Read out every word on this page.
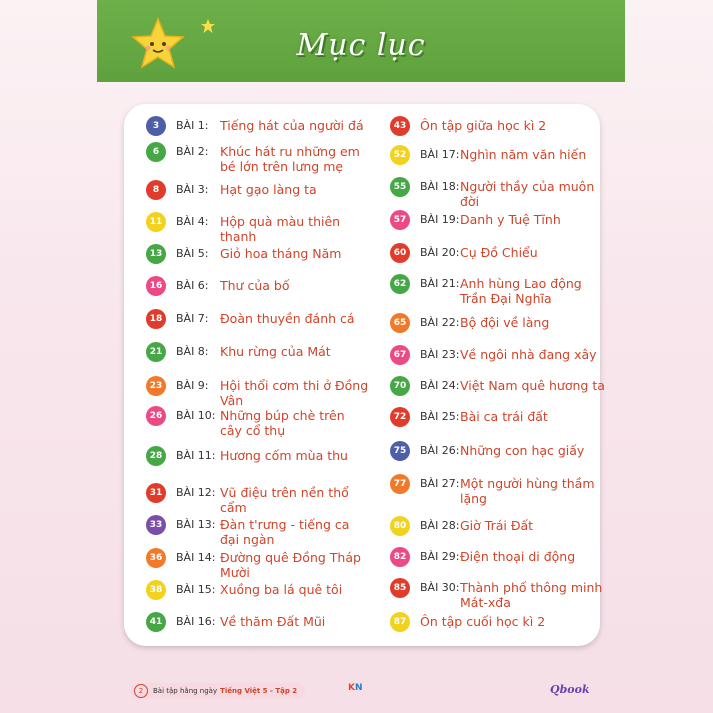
Mục lục
3	BÀI 1: Tiếng hát của người đá
6	BÀI 2: Khúc hát ru những em bé lớn trên lưng mẹ
8	BÀI 3: Hạt gạo làng ta
11	BÀI 4: Hộp quà màu thiên thanh
13	BÀI 5: Giỏ hoa tháng Năm
16	BÀI 6: Thư của bố
18	BÀI 7: Đoàn thuyền đánh cá
21	BÀI 8: Khu rừng của Mát
23	BÀI 9: Hội thổi cơm thi ở Đồng Vân
26	BÀI 10: Những búp chè trên cây cổ thụ
28	BÀI 11: Hương cốm mùa thu
31	BÀI 12: Vũ điệu trên nền thổ cẩm
33	BÀI 13: Đàn t'rưng - tiếng ca đại ngàn
36	BÀI 14: Đường quê Đồng Tháp Mười
38	BÀI 15: Xuồng ba lá quê tôi
41	BÀI 16: Về thăm Đất Mũi
43 Ôn tập giữa học kì 2
52	BÀI 17: Nghìn năm văn hiến
55	BÀI 18: Người thầy của muôn đời
57	BÀI 19: Danh y Tuệ Tĩnh
60	BÀI 20: Cụ Đồ Chiểu
62	BÀI 21: Anh hùng Lao động Trần Đại Nghĩa
65	BÀI 22: Bộ đội về làng
67	BÀI 23: Về ngôi nhà đang xây
70	BÀI 24: Việt Nam quê hương ta
72	BÀI 25: Bài ca trái đất
75	BÀI 26: Những con hạc giấy
77	BÀI 27: Một người hùng thầm lặng
80	BÀI 28: Giờ Trái Đất
82	BÀI 29: Điện thoại di động
85	BÀI 30: Thành phố thông minh Mát-xđa
87 Ôn tập cuối học kì 2
2	Bài tập hằng ngày Tiếng Việt 5 - Tập 2	KN	Qbook
